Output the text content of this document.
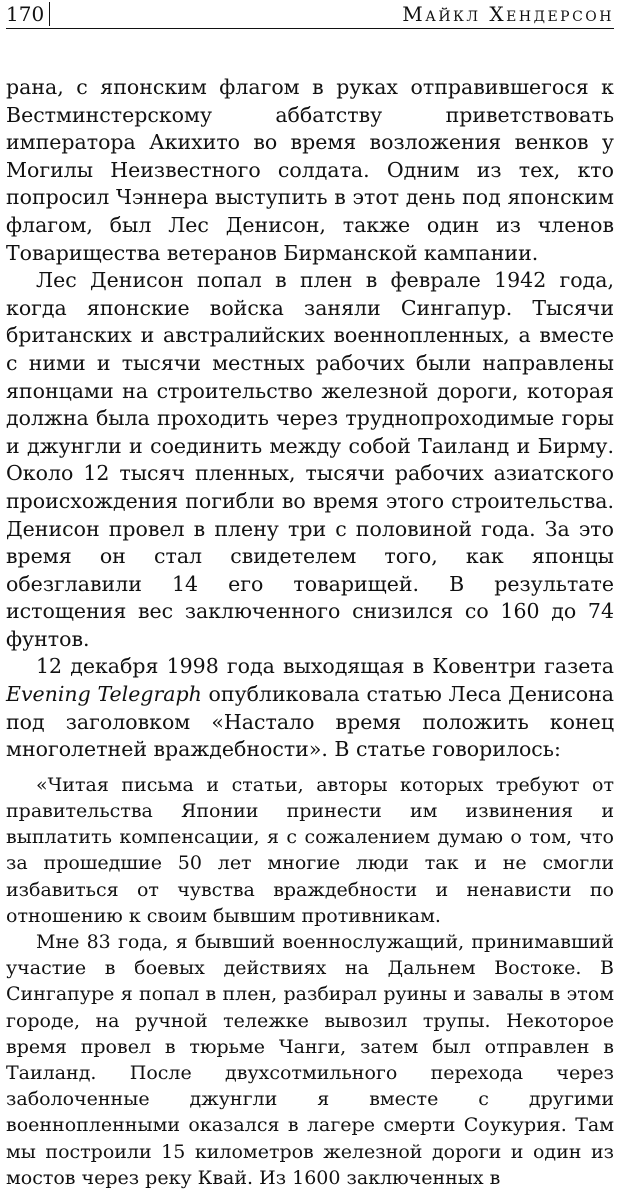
170	Майкл Хендерсон

рана, с японским флагом в руках отправившегося к Вестминстерскому аббатству приветствовать императора Акихито во время возложения венков у Могилы Неизвестного солдата. Одним из тех, кто попросил Чэннера выступить в этот день под японским флагом, был Лес Денисон, также один из членов Товарищества ветеранов Бирманской кампании.

Лес Денисон попал в плен в феврале 1942 года, когда японские войска заняли Сингапур. Тысячи британских и австралийских военнопленных, а вместе с ними и тысячи местных рабочих были направлены японцами на строительство железной дороги, которая должна была проходить через труднопроходимые горы и джунгли и соединить между собой Таиланд и Бирму. Около 12 тысяч пленных, тысячи рабочих азиатского происхождения погибли во время этого строительства. Денисон провел в плену три с половиной года. За это время он стал свидетелем того, как японцы обезглавили 14 его товарищей. В результате истощения вес заключенного снизился со 160 до 74 фунтов.

12 декабря 1998 года выходящая в Ковентри газета Evening Telegraph опубликовала статью Леса Денисона под заголовком «Настало время положить конец многолетней враждебности». В статье говорилось:

«Читая письма и статьи, авторы которых требуют от правительства Японии принести им извинения и выплатить компенсации, я с сожалением думаю о том, что за прошедшие 50 лет многие люди так и не смогли избавиться от чувства враждебности и ненависти по отношению к своим бывшим противникам.

Мне 83 года, я бывший военнослужащий, принимавший участие в боевых действиях на Дальнем Востоке. В Сингапуре я попал в плен, разбирал руины и завалы в этом городе, на ручной тележке вывозил трупы. Некоторое время провел в тюрьме Чанги, затем был отправлен в Таиланд. После двухсотмильного перехода через заболоченные джунгли я вместе с другими военнопленными оказался в лагере смерти Соукурия. Там мы построили 15 километров железной дороги и один из мостов через реку Квай. Из 1600 заключенных в
